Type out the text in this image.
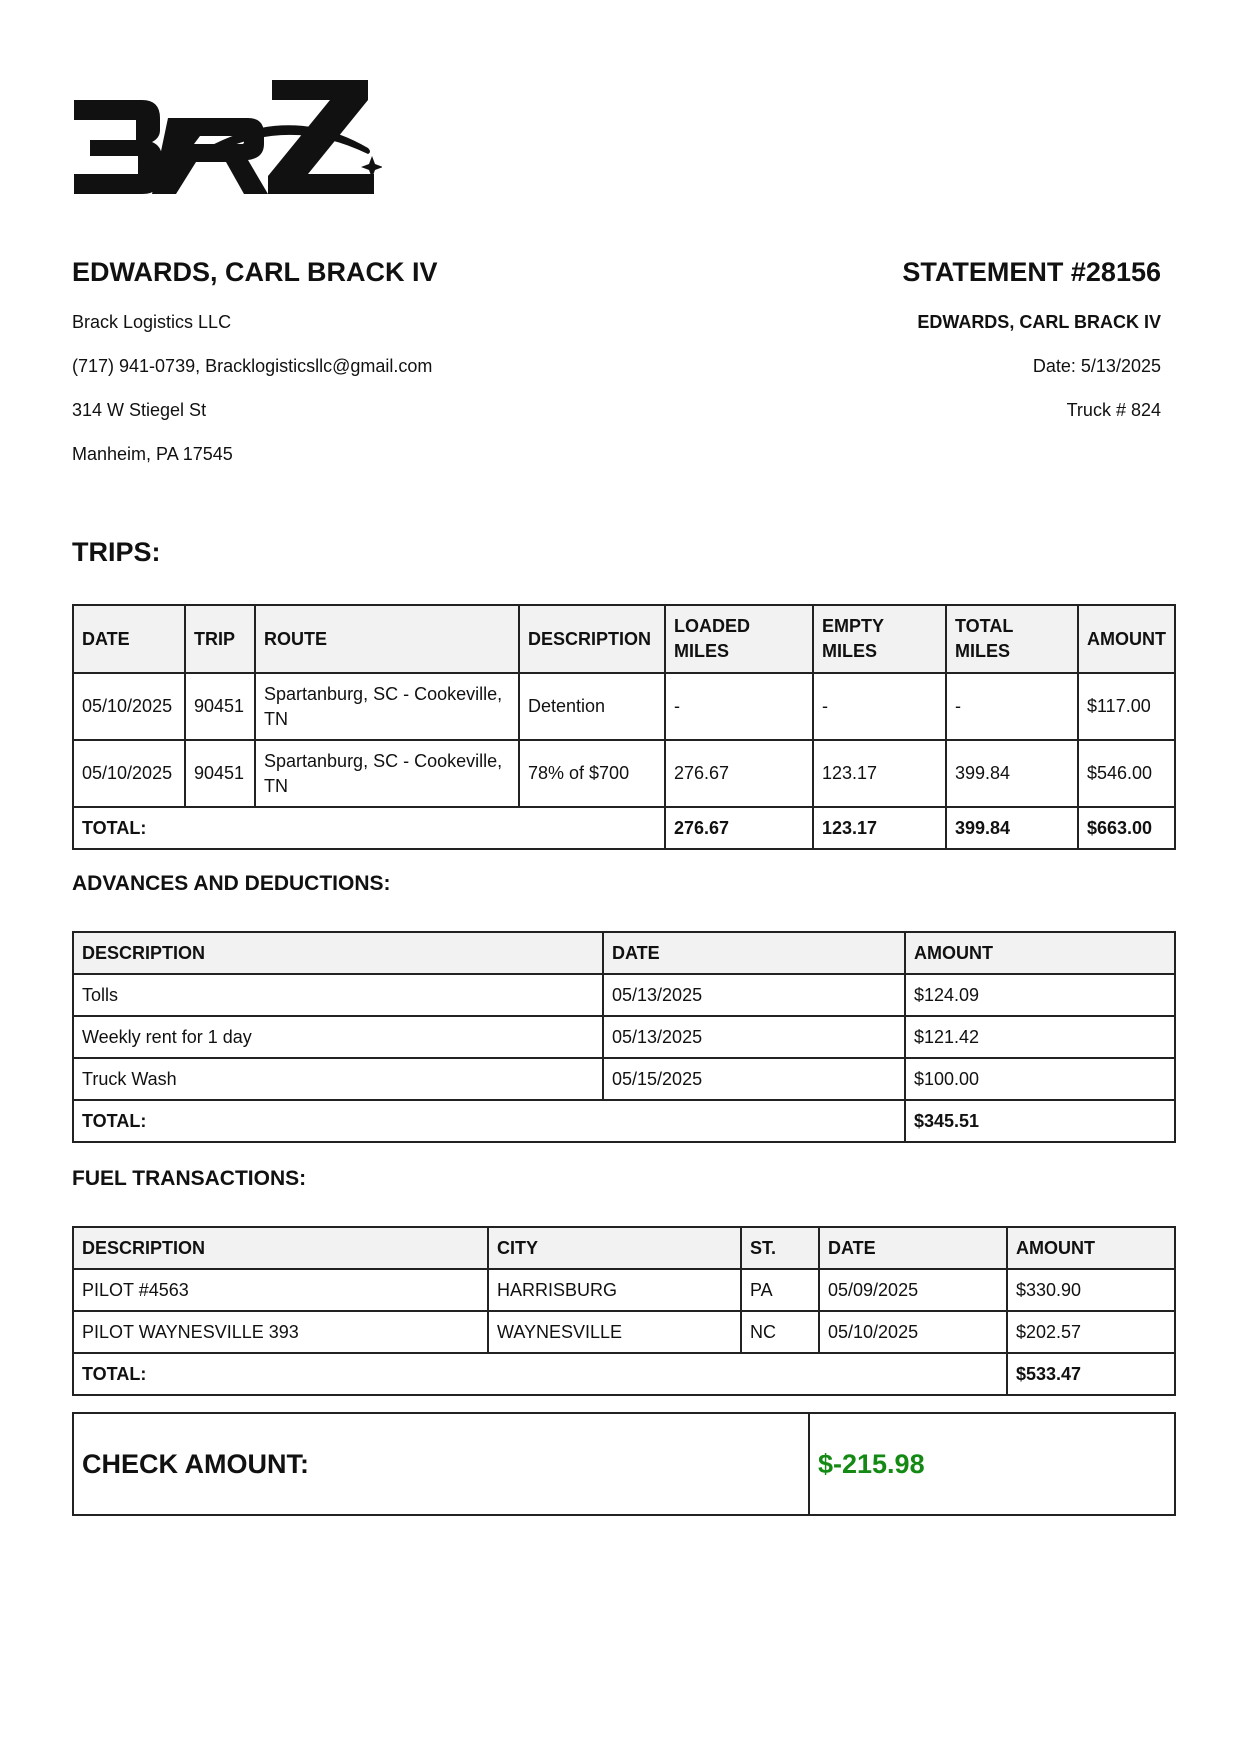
EDWARDS, CARL BRACK IV

Brack Logistics LLC

(717) 941-0739, Bracklogisticsllc@gmail.com

314 W Stiegel St

Manheim, PA 17545

STATEMENT #28156

EDWARDS, CARL BRACK IV

Date: 5/13/2025

Truck # 824

TRIPS:
DATE	TRIP	ROUTE	DESCRIPTION	LOADED MILES	EMPTY MILES	TOTAL MILES	AMOUNT
05/10/2025	90451	Spartanburg, SC - Cookeville, TN	Detention	-	-	-	$117.00
05/10/2025	90451	Spartanburg, SC - Cookeville, TN	78% of $700	276.67	123.17	399.84	$546.00
TOTAL:				276.67	123.17	399.84	$663.00
ADVANCES AND DEDUCTIONS:
DESCRIPTION	DATE	AMOUNT
Tolls	05/13/2025	$124.09
Weekly rent for 1 day	05/13/2025	$121.42
Truck Wash	05/15/2025	$100.00
TOTAL:		$345.51
FUEL TRANSACTIONS:
DESCRIPTION	CITY	ST.	DATE	AMOUNT
PILOT #4563	HARRISBURG	PA	05/09/2025	$330.90
PILOT WAYNESVILLE 393	WAYNESVILLE	NC	05/10/2025	$202.57
TOTAL:				$533.47
CHECK AMOUNT:	$-215.98
